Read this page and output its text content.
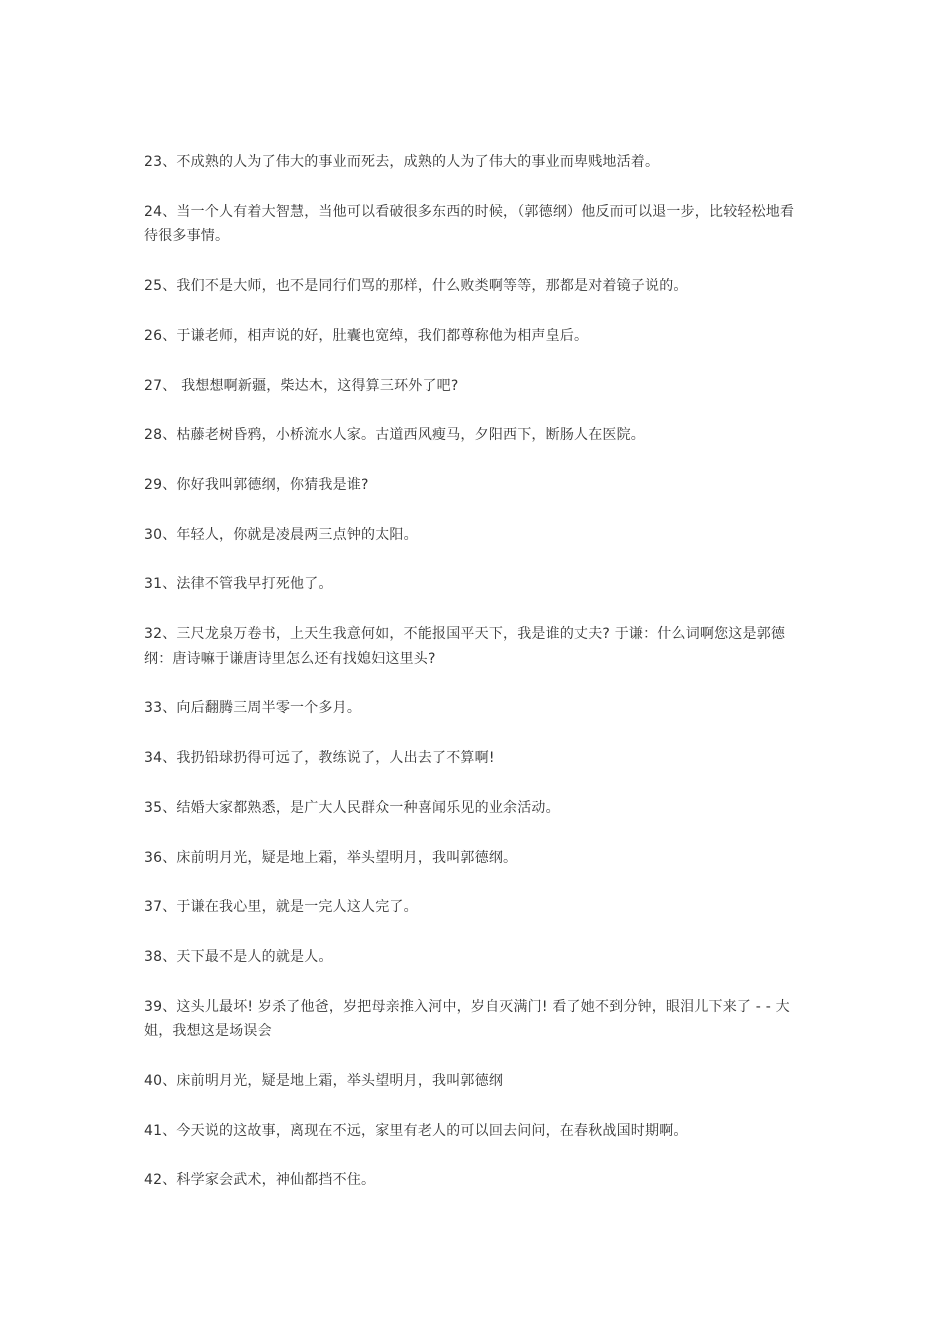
23、不成熟的人为了伟大的事业而死去，成熟的人为了伟大的事业而卑贱地活着。

24、当一个人有着大智慧，当他可以看破很多东西的时候，（郭德纲）他反而可以退一步，比较轻松地看待很多事情。

25、我们不是大师，也不是同行们骂的那样，什么败类啊等等，那都是对着镜子说的。

26、于谦老师，相声说的好，肚囊也宽绰，我们都尊称他为相声皇后。

27、 我想想啊新疆，柴达木，这得算三环外了吧?

28、枯藤老树昏鸦，小桥流水人家。古道西风瘦马，夕阳西下，断肠人在医院。

29、你好我叫郭德纲，你猜我是谁?

30、年轻人，你就是凌晨两三点钟的太阳。

31、法律不管我早打死他了。

32、三尺龙泉万卷书，上天生我意何如，不能报国平天下，我是谁的丈夫? 于谦：什么词啊您这是郭德纲：唐诗嘛于谦唐诗里怎么还有找媳妇这里头?

33、向后翻腾三周半零一个多月。

34、我扔铅球扔得可远了，教练说了，人出去了不算啊!

35、结婚大家都熟悉，是广大人民群众一种喜闻乐见的业余活动。

36、床前明月光，疑是地上霜，举头望明月，我叫郭德纲。

37、于谦在我心里，就是一完人这人完了。

38、天下最不是人的就是人。

39、这头儿最坏! 岁杀了他爸，岁把母亲推入河中，岁自灭满门! 看了她不到分钟，眼泪儿下来了 - - 大姐，我想这是场误会

40、床前明月光，疑是地上霜，举头望明月，我叫郭德纲

41、今天说的这故事，离现在不远，家里有老人的可以回去问问，在春秋战国时期啊。

42、科学家会武术，神仙都挡不住。
